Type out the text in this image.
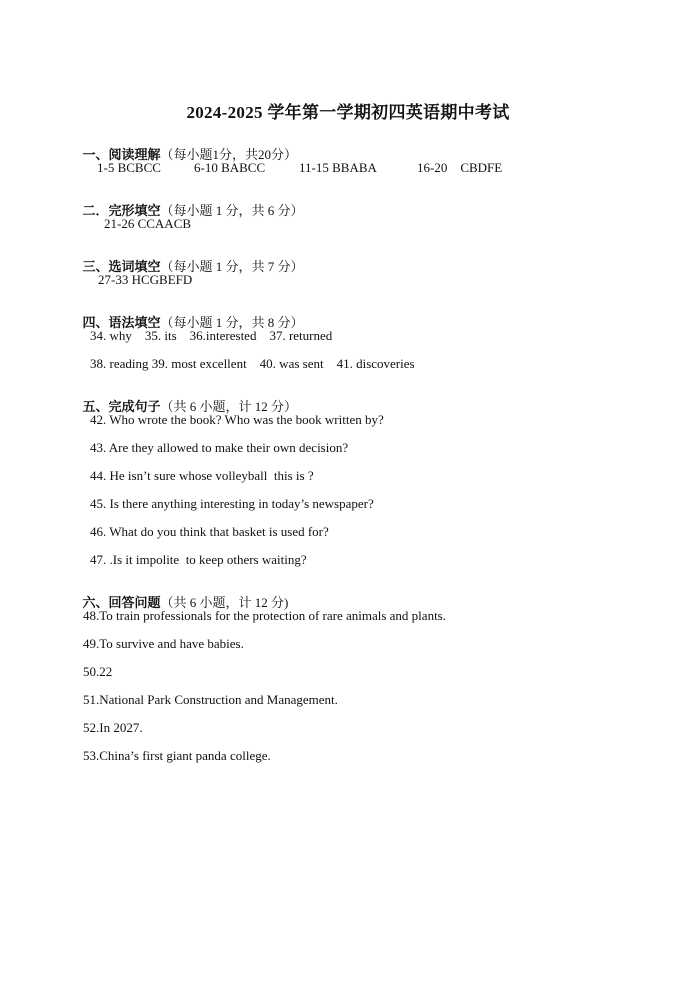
2024-2025 学年第一学期初四英语期中考试

一、阅读理解（每小题1分，共20分）

1-5 BCBCC

	6-10 BABCC

	11-15 BBABA

	16-20    CBDFE

二．完形填空（每小题 1 分，共 6 分）

21-26 CCAACB

三、选词填空（每小题 1 分，共 7 分）

27-33 HCGBEFD

四、语法填空（每小题 1 分，共 8 分）

34. why    35. its    36.interested    37. returned
38. reading 39. most excellent    40. was sent    41. discoveries

五、完成句子（共 6 小题，计 12 分）

42. Who wrote the book? Who was the book written by?
43. Are they allowed to make their own decision?
44. He isn’t sure whose volleyball  this is ?
45. Is there anything interesting in today’s newspaper?
46. What do you think that basket is used for?
47. .Is it impolite  to keep others waiting?

六、回答问题（共 6 小题，计 12 分)

48.To train professionals for the protection of rare animals and plants.
49.To survive and have babies.
50.22
51.National Park Construction and Management.
52.In 2027.
53.China’s first giant panda college.
